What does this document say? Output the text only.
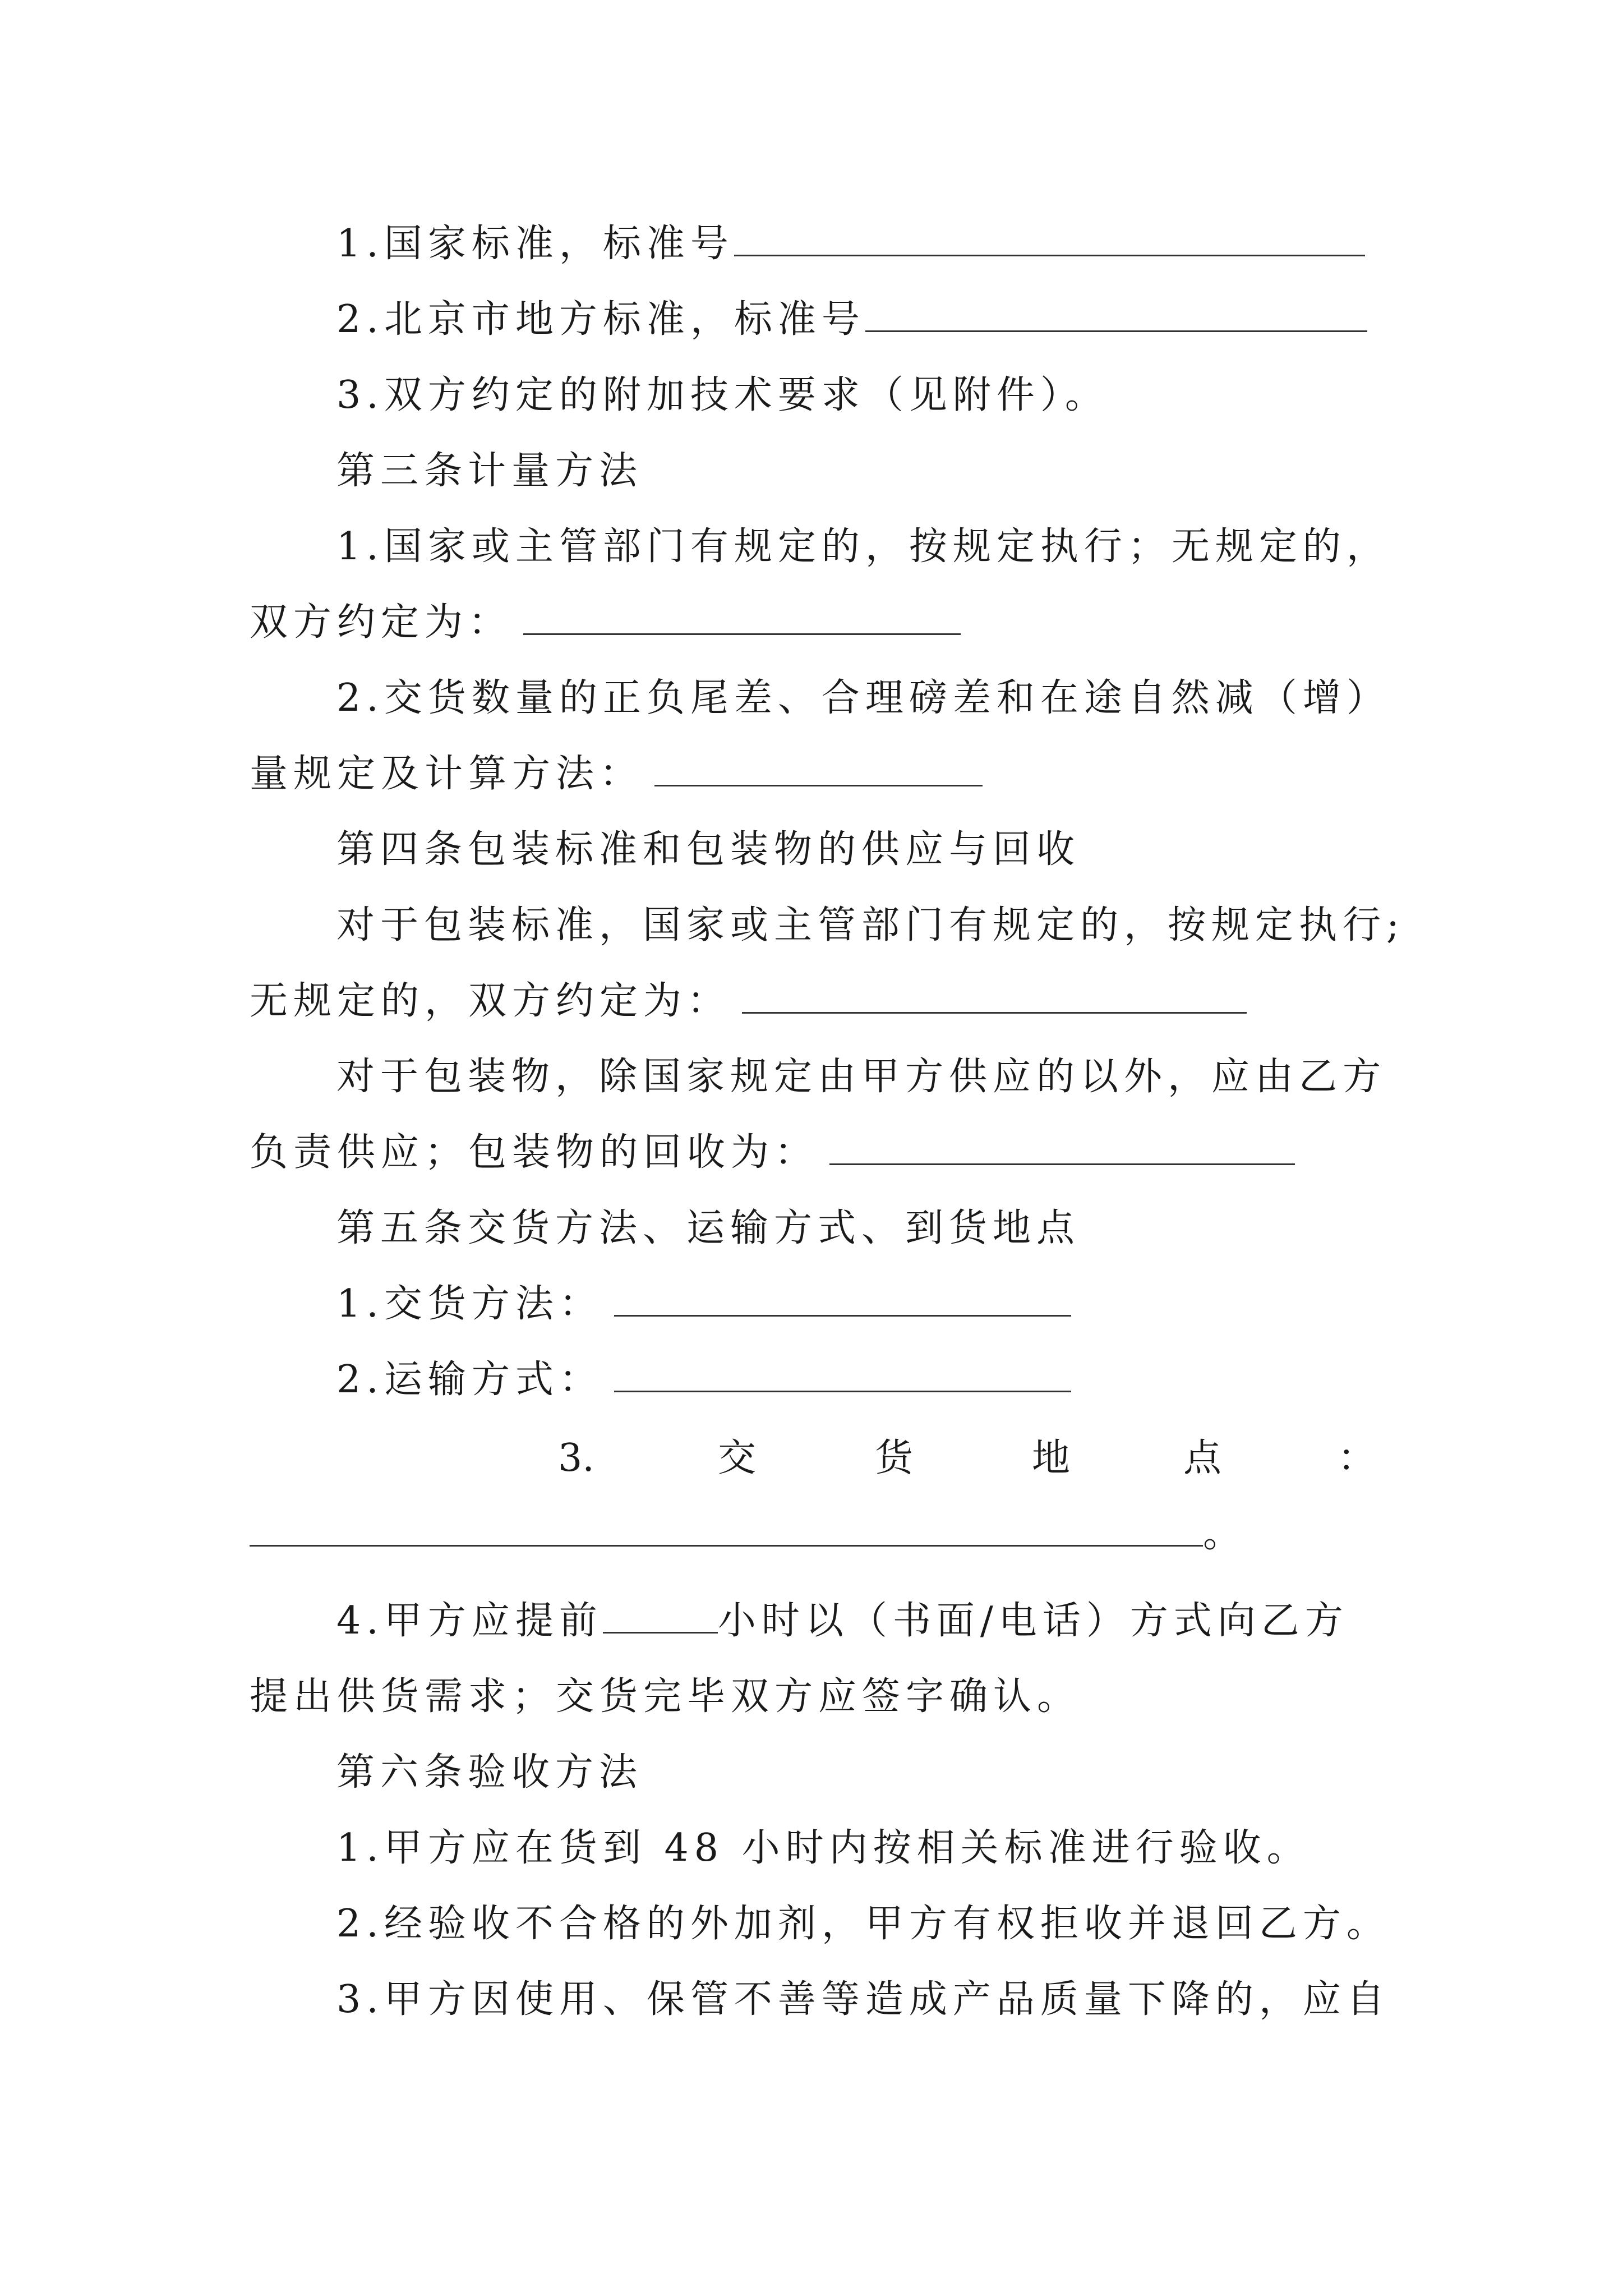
1.国家标准，标准号
2.北京市地方标准，标准号
3.双方约定的附加技术要求（见附件）。
第三条计量方法
1.国家或主管部门有规定的，按规定执行；无规定的，
双方约定为：
2.交货数量的正负尾差、合理磅差和在途自然减（增）
量规定及计算方法：
第四条包装标准和包装物的供应与回收
对于包装标准，国家或主管部门有规定的，按规定执行;
无规定的，双方约定为：
对于包装物，除国家规定由甲方供应的以外，应由乙方
负责供应；包装物的回收为：
第五条交货方法、运输方式、到货地点
1.交货方法：
2.运输方式：
3.	交	货	地	点	：
。
4.甲方应提前	小时以（书面/电话）方式向乙方
提出供货需求；交货完毕双方应签字确认。
第六条验收方法
1.甲方应在货到 48 小时内按相关标准进行验收。
2.经验收不合格的外加剂，甲方有权拒收并退回乙方。
3.甲方因使用、保管不善等造成产品质量下降的，应自
